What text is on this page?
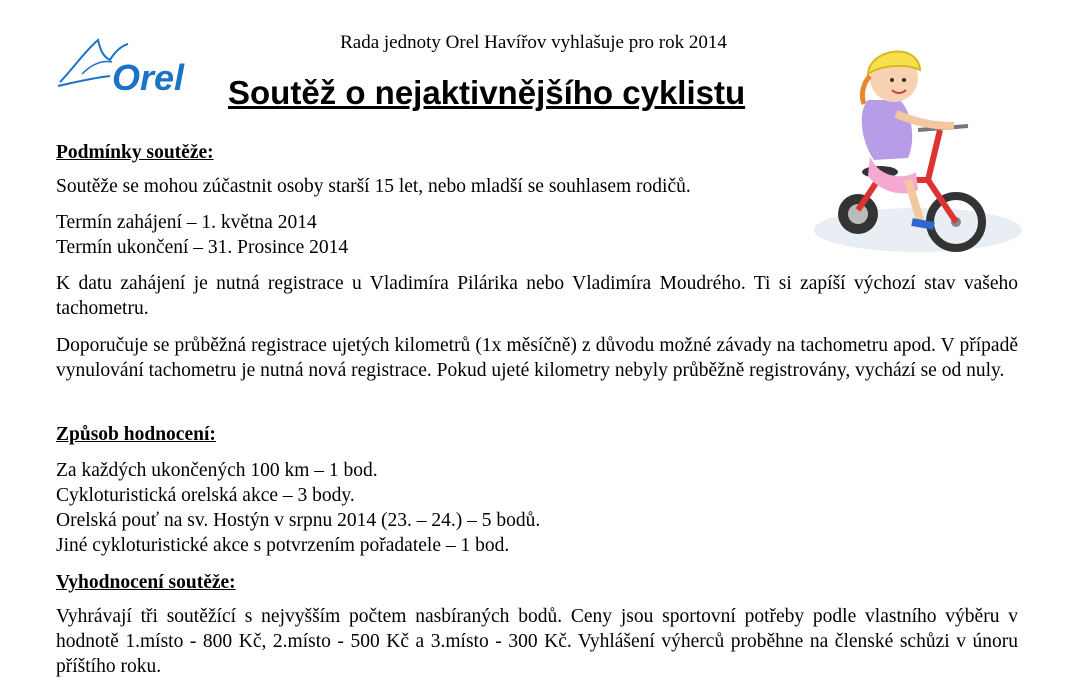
Orel
Rada jednoty Orel Havířov vyhlašuje pro rok 2014
Soutěž o nejaktivnějšího cyklistu
Podmínky soutěže:
Soutěže se mohou zúčastnit osoby starší 15 let, nebo mladší se souhlasem rodičů.
Termín zahájení – 1. května 2014
Termín ukončení – 31. Prosince 2014
K datu zahájení je nutná registrace u Vladimíra Pilárika nebo Vladimíra Moudrého. Ti si zapíší výchozí stav vašeho tachometru.
Doporučuje se průběžná registrace ujetých kilometrů (1x měsíčně) z důvodu možné závady na tachometru apod. V případě vynulování tachometru je nutná nová registrace. Pokud ujeté kilometry nebyly průběžně registrovány, vychází se od nuly.
Způsob hodnocení:
Za každých ukončených 100 km – 1 bod.
Cykloturistická orelská akce – 3 body.
Orelská pouť na sv. Hostýn v srpnu 2014 (23. – 24.) – 5 bodů.
Jiné cykloturistické akce s potvrzením pořadatele – 1 bod.
Vyhodnocení soutěže:
Vyhrávají tři soutěžící s nejvyšším počtem nasbíraných bodů. Ceny jsou sportovní potřeby podle vlastního výběru v hodnotě 1.místo - 800 Kč, 2.místo - 500 Kč a 3.místo - 300 Kč. Vyhlášení výherců proběhne na členské schůzi v únoru příštího roku.
